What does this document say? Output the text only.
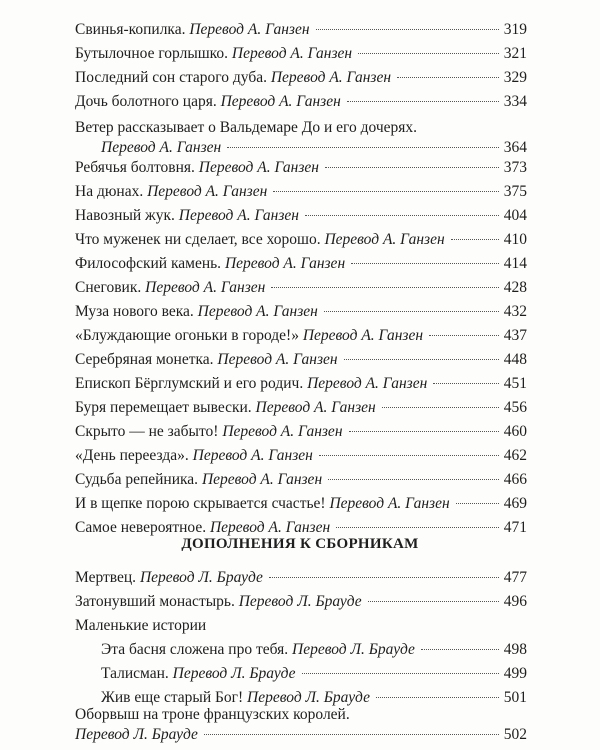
Свинья-копилка. Перевод А. Ганзен	319
Бутылочное горлышко. Перевод А. Ганзен	321
Последний сон старого дуба. Перевод А. Ганзен	329
Дочь болотного царя. Перевод А. Ганзен	334
Ветер рассказывает о Вальдемаре До и его дочерях.
Перевод А. Ганзен	364
Ребячья болтовня. Перевод А. Ганзен	373
На дюнах. Перевод А. Ганзен	375
Навозный жук. Перевод А. Ганзен	404
Что муженек ни сделает, все хорошо. Перевод А. Ганзен	410
Философский камень. Перевод А. Ганзен	414
Снеговик. Перевод А. Ганзен	428
Муза нового века. Перевод А. Ганзен	432
«Блуждающие огоньки в городе!» Перевод А. Ганзен	437
Серебряная монетка. Перевод А. Ганзен	448
Епископ Бёрглумский и его родич. Перевод А. Ганзен	451
Буря перемещает вывески. Перевод А. Ганзен	456
Скрыто — не забыто! Перевод А. Ганзен	460
«День переезда». Перевод А. Ганзен	462
Судьба репейника. Перевод А. Ганзен	466
И в щепке порою скрывается счастье! Перевод А. Ганзен	469
Самое невероятное. Перевод А. Ганзен	471
ДОПОЛНЕНИЯ К СБОРНИКАМ
Мертвец. Перевод Л. Брауде	477
Затонувший монастырь. Перевод Л. Брауде	496
Маленькие истории
Эта басня сложена про тебя. Перевод Л. Брауде	498
Талисман. Перевод Л. Брауде	499
Жив еще старый Бог! Перевод Л. Брауде	501
Оборвыш на троне французских королей.
Перевод Л. Брауде	502
